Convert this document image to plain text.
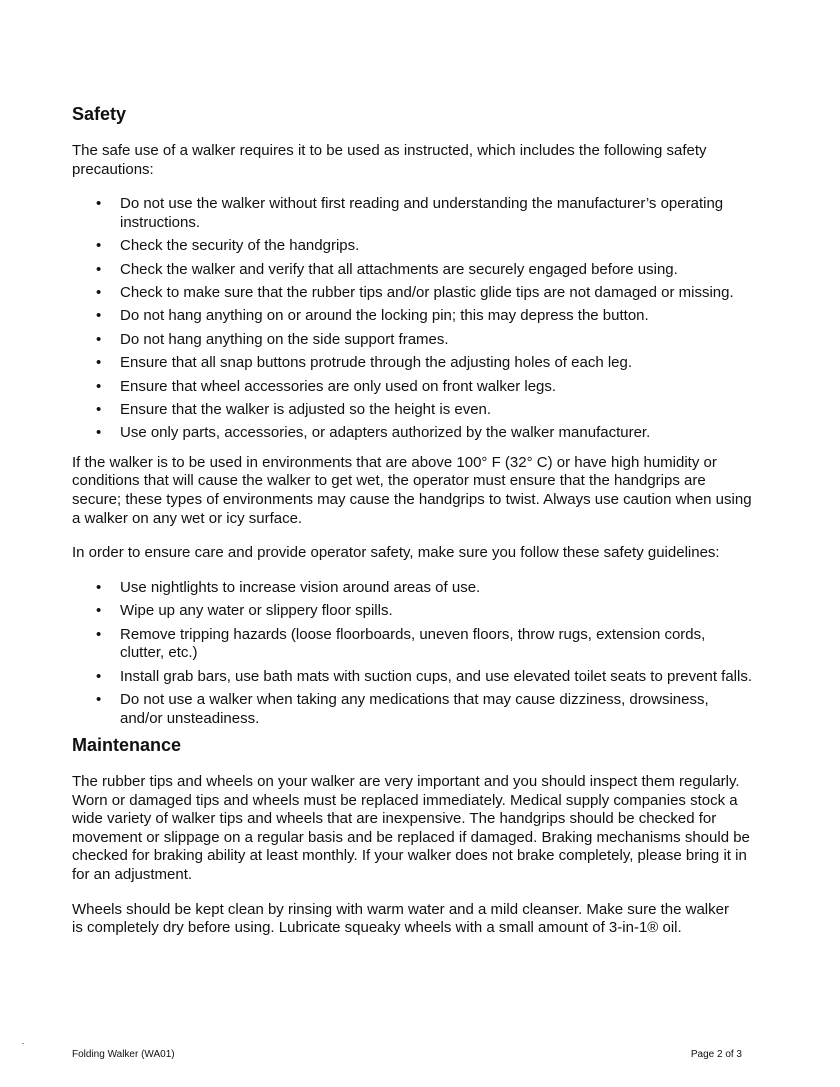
Safety

The safe use of a walker requires it to be used as instructed, which includes the following safety precautions:

• Do not use the walker without first reading and understanding the manufacturer’s operating instructions.
• Check the security of the handgrips.
• Check the walker and verify that all attachments are securely engaged before using.
• Check to make sure that the rubber tips and/or plastic glide tips are not damaged or missing.
• Do not hang anything on or around the locking pin; this may depress the button.
• Do not hang anything on the side support frames.
• Ensure that all snap buttons protrude through the adjusting holes of each leg.
• Ensure that wheel accessories are only used on front walker legs.
• Ensure that the walker is adjusted so the height is even.
• Use only parts, accessories, or adapters authorized by the walker manufacturer.

If the walker is to be used in environments that are above 100° F (32° C) or have high humidity or conditions that will cause the walker to get wet, the operator must ensure that the handgrips are secure; these types of environments may cause the handgrips to twist. Always use caution when using a walker on any wet or icy surface.

In order to ensure care and provide operator safety, make sure you follow these safety guidelines:

• Use nightlights to increase vision around areas of use.
• Wipe up any water or slippery floor spills.
• Remove tripping hazards (loose floorboards, uneven floors, throw rugs, extension cords, clutter, etc.)
• Install grab bars, use bath mats with suction cups, and use elevated toilet seats to prevent falls.
• Do not use a walker when taking any medications that may cause dizziness, drowsiness, and/or unsteadiness.
Maintenance

The rubber tips and wheels on your walker are very important and you should inspect them regularly. Worn or damaged tips and wheels must be replaced immediately. Medical supply companies stock a wide variety of walker tips and wheels that are inexpensive. The handgrips should be checked for movement or slippage on a regular basis and be replaced if damaged. Braking mechanisms should be checked for braking ability at least monthly. If your walker does not brake completely, please bring it in for an adjustment.

Wheels should be kept clean by rinsing with warm water and a mild cleanser. Make sure the walker is completely dry before using. Lubricate squeaky wheels with a small amount of 3-in-1® oil.

Folding Walker (WA01)	Page 2 of 3
